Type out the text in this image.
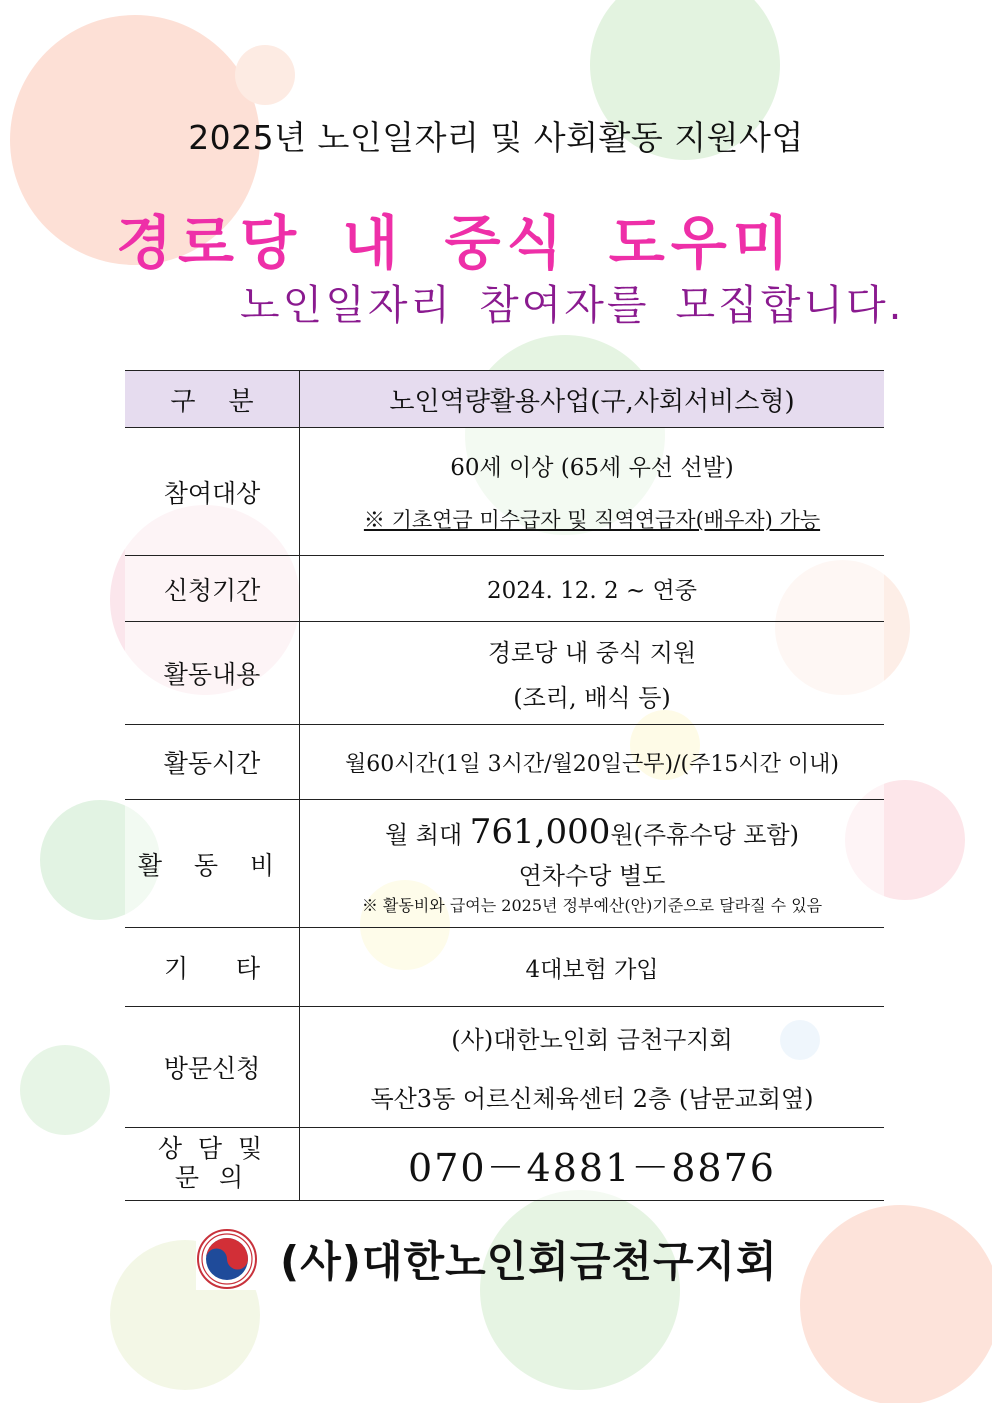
2025년 노인일자리 및 사회활동 지원사업
경로당 내 중식 도우미
노인일자리 참여자를 모집합니다.
구    분	노인역량활용사업(구,사회서비스형)
참여대상	60세 이상 (65세 우선 선발)
※ 기초연금 미수급자 및 직역연금자(배우자) 가능

신청기간	2024. 12. 2 ~ 연중
활동내용	경로당 내 중식 지원
(조리, 배식 등)

활동시간	월60시간(1일 3시간/월20일근무)/(주15시간 이내)
활 동 비	월 최대 761,000원(주휴수당 포함)
연차수당 별도
※ 활동비와 급여는 2025년 정부예산(안)기준으로 달라질 수 있음

기      타	4대보험 가입
방문신청	(사)대한노인회 금천구지회
독산3동 어르신체육센터 2층 (남문교회옆)

상 담 및
문 의	070－4881－8876
(사)대한노인회금천구지회
